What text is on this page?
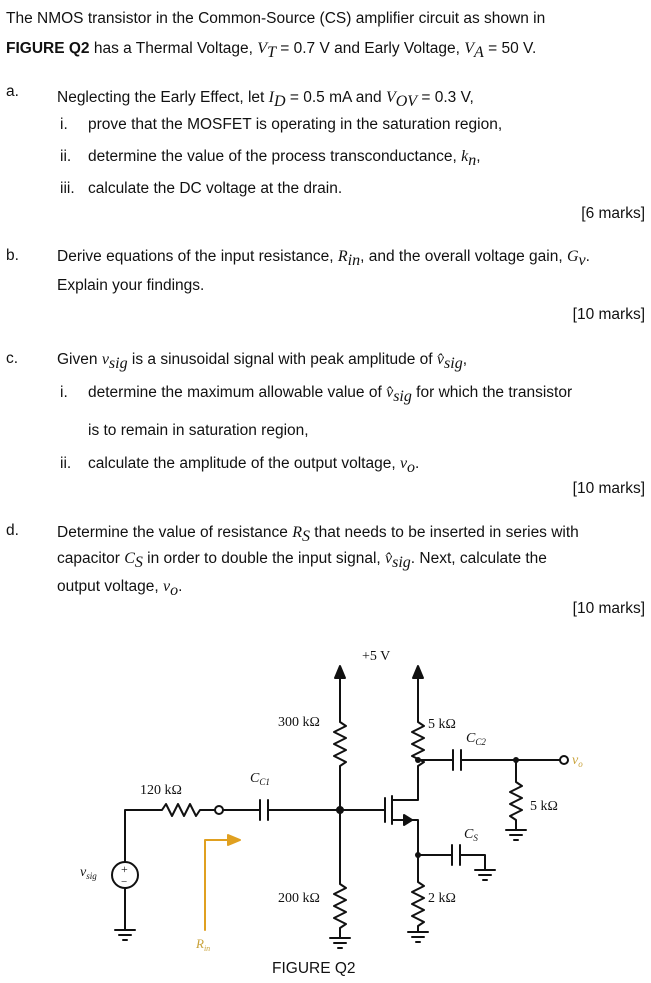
The NMOS transistor in the Common-Source (CS) amplifier circuit as shown in
FIGURE Q2 has a Thermal Voltage, $V_T = 0.7$ V and Early Voltage, $V_A = 50$ V.
a. Neglecting the Early Effect, let $I_D = 0.5$ mA and $V_{OV} = 0.3$ V,
i.	prove that the MOSFET is operating in the saturation region,
ii.	determine the value of the process transconductance, $k_n$,
iii. calculate the DC voltage at the drain.
[6 marks]
b. Derive equations of the input resistance, $R_{in}$, and the overall voltage gain, $G_v$.
Explain your findings.
[10 marks]
c.	Given $v_{sig}$ is a sinusoidal signal with peak amplitude of $v̂_{sig}$,
i.	determine the maximum allowable value of $v̂_{sig}$ for which the transistor
is to remain in saturation region,
ii.	calculate the amplitude of the output voltage, $v_o$.
[10 marks]
d. Determine the value of resistance $R_S$ that needs to be inserted in series with
capacitor $C_S$ in order to double the input signal, $v̂_{sig}$. Next, calculate the
output voltage, $v_o$.
[10 marks]
+5 V
300 kΩ
200 kΩ
5 kΩ
2 kΩ
120 kΩ
5 kΩ
$C_{C1}$
$C_{C2}$
$C_S$
$v_{sig}$ +
−
$v_o$
$R_{in}$
FIGURE Q2
